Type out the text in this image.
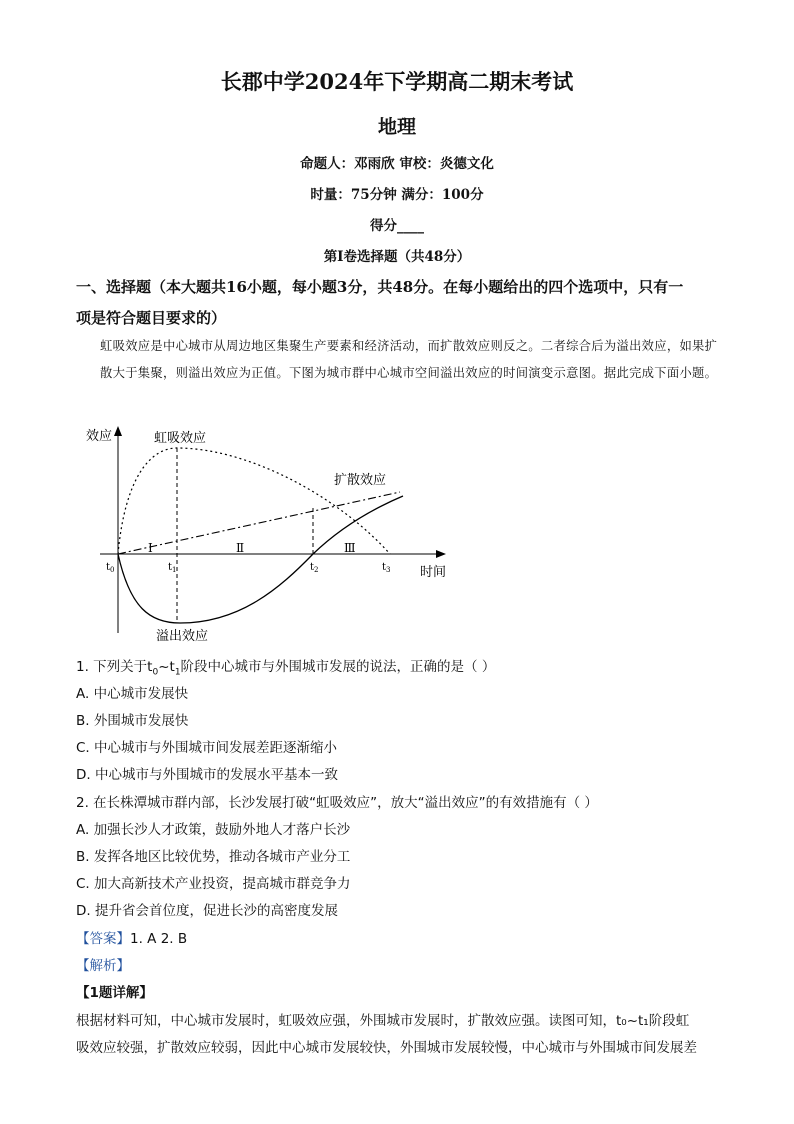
长郡中学2024年下学期高二期末考试
地理
命题人：邓雨欣 审校：炎德文化
时量：75分钟 满分：100分
得分____
第Ⅰ卷选择题（共48分）
一、选择题（本大题共16小题，每小题3分，共48分。在每小题给出的四个选项中，只有一
项是符合题目要求的）
虹吸效应是中心城市从周边地区集聚生产要素和经济活动，而扩散效应则反之。二者综合后为溢出效应，如果扩散大于集聚，则溢出效应为正值。下图为城市群中心城市空间溢出效应的时间演变示意图。据此完成下面小题。
效应
时间
虹吸效应
扩散效应
溢出效应
Ⅰ	Ⅱ	Ⅲ
$t_0$	$t_1$	$t_2$	$t_3$
1. 下列关于$t_0\sim t_1$阶段中心城市与外围城市发展的说法，正确的是（ ）
A. 中心城市发展快
B. 外围城市发展快
C. 中心城市与外围城市间发展差距逐渐缩小
D. 中心城市与外围城市的发展水平基本一致
2. 在长株潭城市群内部，长沙发展打破“虹吸效应”，放大“溢出效应”的有效措施有（ ）
A. 加强长沙人才政策，鼓励外地人才落户长沙
B. 发挥各地区比较优势，推动各城市产业分工
C. 加大高新技术产业投资，提高城市群竞争力
D. 提升省会首位度，促进长沙的高密度发展
【答案】1. A 2. B
【解析】
【1题详解】
根据材料可知，中心城市发展时，虹吸效应强，外围城市发展时，扩散效应强。读图可知，t₀~t₁阶段虹
吸效应较强，扩散效应较弱，因此中心城市发展较快，外围城市发展较慢，中心城市与外围城市间发展差
